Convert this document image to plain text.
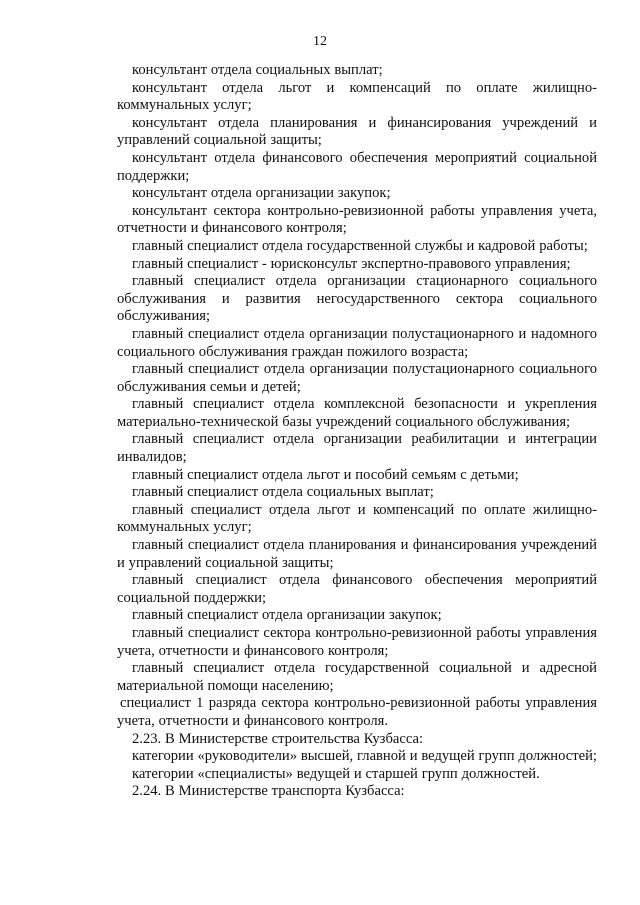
12

консультант отдела социальных выплат;

консультант отдела льгот и компенсаций по оплате жилищно-коммунальных услуг;

консультант отдела планирования и финансирования учреждений и управлений социальной защиты;

консультант отдела финансового обеспечения мероприятий социальной поддержки;

консультант отдела организации закупок;

консультант сектора контрольно-ревизионной работы управления учета, отчетности и финансового контроля;

главный специалист отдела государственной службы и кадровой работы;

главный специалист - юрисконсульт экспертно-правового управления;

главный специалист отдела организации стационарного социального обслуживания и развития негосударственного сектора социального обслуживания;

главный специалист отдела организации полустационарного и надомного социального обслуживания граждан пожилого возраста;

главный специалист отдела организации полустационарного социального обслуживания семьи и детей;

главный специалист отдела комплексной безопасности и укрепления материально-технической базы учреждений социального обслуживания;

главный специалист отдела организации реабилитации и интеграции инвалидов;

главный специалист отдела льгот и пособий семьям с детьми;

главный специалист отдела социальных выплат;

главный специалист отдела льгот и компенсаций по оплате жилищно-коммунальных услуг;

главный специалист отдела планирования и финансирования учреждений и управлений социальной защиты;

главный специалист отдела финансового обеспечения мероприятий социальной поддержки;

главный специалист отдела организации закупок;

главный специалист сектора контрольно-ревизионной работы управления учета, отчетности и финансового контроля;

главный специалист отдела государственной социальной и адресной материальной помощи населению;

специалист 1 разряда сектора контрольно-ревизионной работы управления учета, отчетности и финансового контроля.

2.23. В Министерстве строительства Кузбасса:

категории «руководители» высшей, главной и ведущей групп должностей;

категории «специалисты» ведущей и старшей групп должностей.

2.24. В Министерстве транспорта Кузбасса:
